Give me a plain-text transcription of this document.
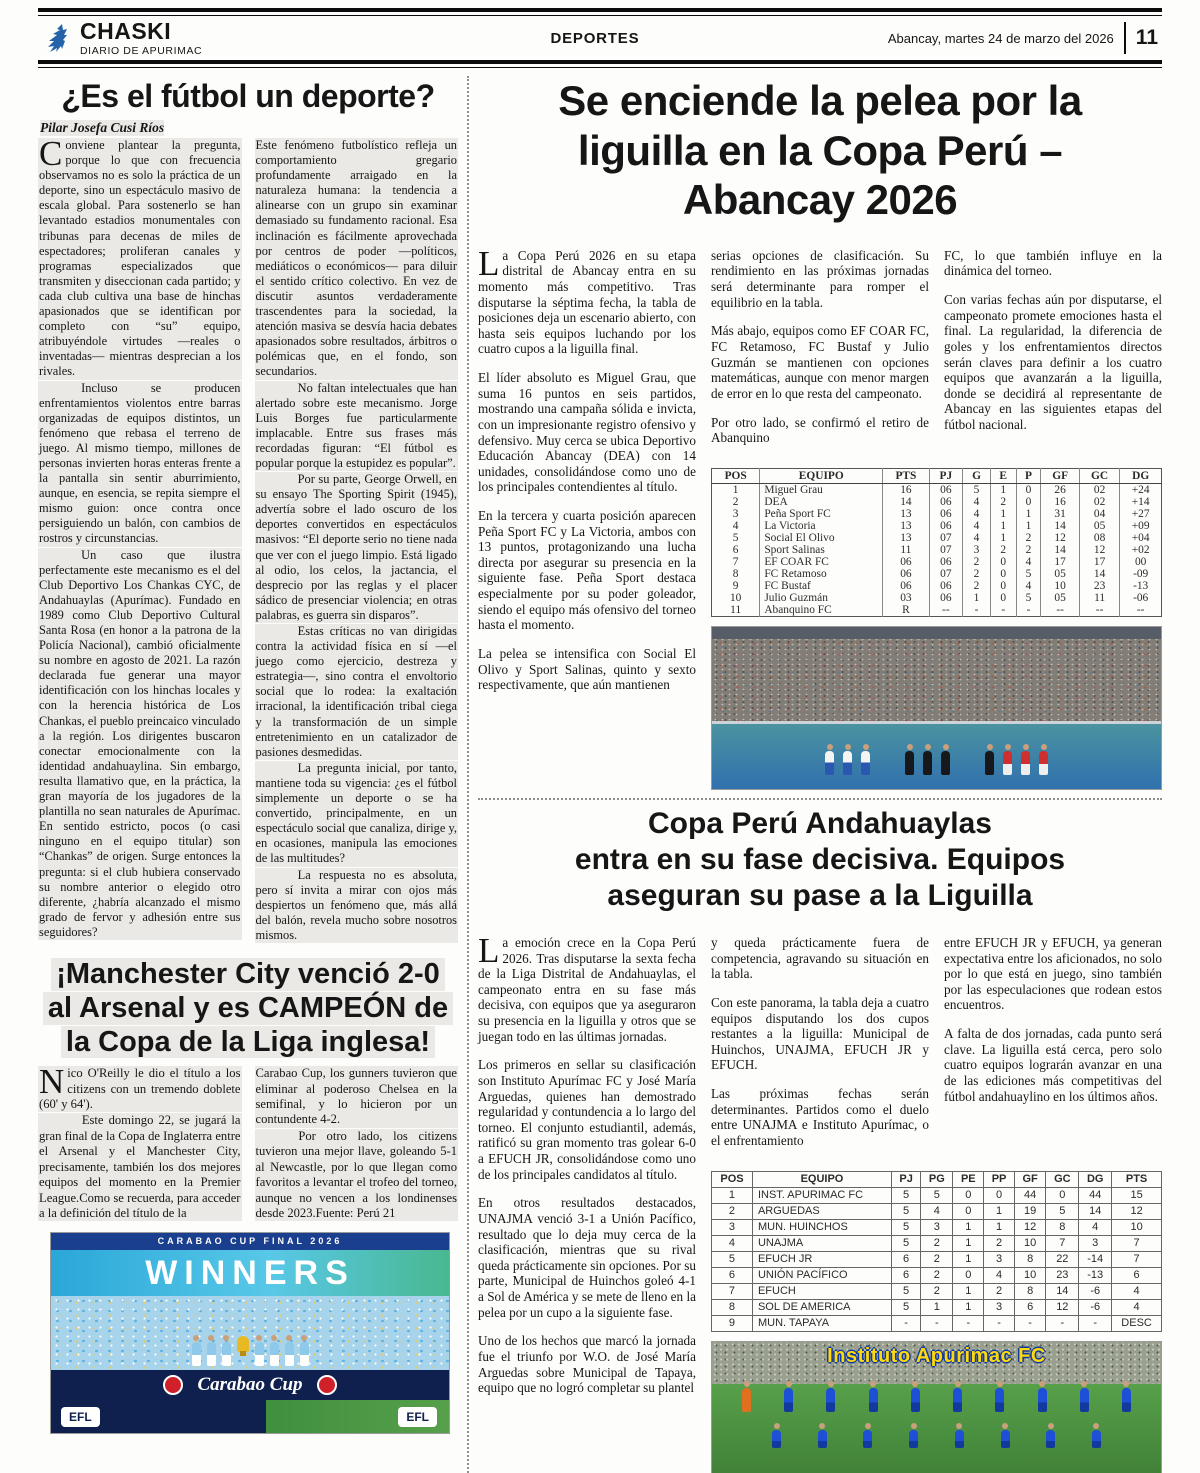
CHASKI
DIARIO DE APURIMAC
DEPORTES	Abancay, martes 24 de marzo del 2026 11
¿Es el fútbol un deporte?
Pilar Josefa Cusi Ríos

Conviene plantear la pregunta, porque lo que con frecuencia observamos no es solo la práctica de un deporte, sino un espectáculo masivo de escala global. Para sostenerlo se han levantado estadios monumentales con tribunas para decenas de miles de espectadores; proliferan canales y programas especializados que transmiten y diseccionan cada partido; y cada club cultiva una base de hinchas apasionados que se identifican por completo con “su” equipo, atribuyéndole virtudes —reales o inventadas— mientras desprecian a los rivales.

Incluso se producen enfrentamientos violentos entre barras organizadas de equipos distintos, un fenómeno que rebasa el terreno de juego. Al mismo tiempo, millones de personas invierten horas enteras frente a la pantalla sin sentir aburrimiento, aunque, en esencia, se repita siempre el mismo guion: once contra once persiguiendo un balón, con cambios de rostros y circunstancias.

Un caso que ilustra perfectamente este mecanismo es el del Club Deportivo Los Chankas CYC, de Andahuaylas (Apurímac). Fundado en 1989 como Club Deportivo Cultural Santa Rosa (en honor a la patrona de la Policía Nacional), cambió oficialmente su nombre en agosto de 2021. La razón declarada fue generar una mayor identificación con los hinchas locales y con la herencia histórica de Los Chankas, el pueblo preincaico vinculado a la región. Los dirigentes buscaron conectar emocionalmente con la identidad andahuaylina. Sin embargo, resulta llamativo que, en la práctica, la gran mayoría de los jugadores de la plantilla no sean naturales de Apurímac. En sentido estricto, pocos (o casi ninguno en el equipo titular) son “Chankas” de origen. Surge entonces la pregunta: si el club hubiera conservado su nombre anterior o elegido otro diferente, ¿habría alcanzado el mismo grado de fervor y adhesión entre sus seguidores?

Este fenómeno futbolístico refleja un comportamiento gregario profundamente arraigado en la naturaleza humana: la tendencia a alinearse con un grupo sin examinar demasiado su fundamento racional. Esa inclinación es fácilmente aprovechada por centros de poder —políticos, mediáticos o económicos— para diluir el sentido crítico colectivo. En vez de discutir asuntos verdaderamente trascendentes para la sociedad, la atención masiva se desvía hacia debates apasionados sobre resultados, árbitros o polémicas que, en el fondo, son secundarios.

No faltan intelectuales que han alertado sobre este mecanismo. Jorge Luis Borges fue particularmente implacable. Entre sus frases más recordadas figuran: “El fútbol es popular porque la estupidez es popular”.

Por su parte, George Orwell, en su ensayo The Sporting Spirit (1945), advertía sobre el lado oscuro de los deportes convertidos en espectáculos masivos: “El deporte serio no tiene nada que ver con el juego limpio. Está ligado al odio, los celos, la jactancia, el desprecio por las reglas y el placer sádico de presenciar violencia; en otras palabras, es guerra sin disparos”.

Estas críticas no van dirigidas contra la actividad física en sí —el juego como ejercicio, destreza y estrategia—, sino contra el envoltorio social que lo rodea: la exaltación irracional, la identificación tribal ciega y la transformación de un simple entretenimiento en un catalizador de pasiones desmedidas.

La pregunta inicial, por tanto, mantiene toda su vigencia: ¿es el fútbol simplemente un deporte o se ha convertido, principalmente, en un espectáculo social que canaliza, dirige y, en ocasiones, manipula las emociones de las multitudes?

La respuesta no es absoluta, pero sí invita a mirar con ojos más despiertos un fenómeno que, más allá del balón, revela mucho sobre nosotros mismos.

¡Manchester City venció 2-0

al Arsenal y es CAMPEÓN de

la Copa de la Liga inglesa!

Nico O'Reilly le dio el título a los citizens con un tremendo doblete (60' y 64').

Este domingo 22, se jugará la gran final de la Copa de Inglaterra entre el Arsenal y el Manchester City, precisamente, también los dos mejores equipos del momento en la Premier League.Como se recuerda, para acceder a la definición del título de la

Carabao Cup, los gunners tuvieron que eliminar al poderoso Chelsea en la semifinal, y lo hicieron por un contundente 4-2.

Por otro lado, los citizens tuvieron una mejor llave, goleando 5-1 al Newcastle, por lo que llegan como favoritos a levantar el trofeo del torneo, aunque no vencen a los londinenses desde 2023.Fuente: Perú 21

CARABAO CUP FINAL 2026
WINNERS
Carabao Cup
EFL	EFL

Se enciende la pelea por la

liguilla en la Copa Perú –

Abancay 2026

La Copa Perú 2026 en su etapa distrital de Abancay entra en su momento más competitivo. Tras disputarse la séptima fecha, la tabla de posiciones deja un escenario abierto, con hasta seis equipos luchando por los cuatro cupos a la liguilla final.

El líder absoluto es Miguel Grau, que suma 16 puntos en seis partidos, mostrando una campaña sólida e invicta, con un impresionante registro ofensivo y defensivo. Muy cerca se ubica Deportivo Educación Abancay (DEA) con 14 unidades, consolidándose como uno de los principales contendientes al título.

En la tercera y cuarta posición aparecen Peña Sport FC y La Victoria, ambos con 13 puntos, protagonizando una lucha directa por asegurar su presencia en la siguiente fase. Peña Sport destaca especialmente por su poder goleador, siendo el equipo más ofensivo del torneo hasta el momento.

La pelea se intensifica con Social El Olivo y Sport Salinas, quinto y sexto respectivamente, que aún mantienen

serias opciones de clasificación. Su rendimiento en las próximas jornadas será determinante para romper el equilibrio en la tabla.

Más abajo, equipos como EF COAR FC, FC Retamoso, FC Bustaf y Julio Guzmán se mantienen con opciones matemáticas, aunque con menor margen de error en lo que resta del campeonato.

Por otro lado, se confirmó el retiro de Abanquino

FC, lo que también influye en la dinámica del torneo.

Con varias fechas aún por disputarse, el campeonato promete emociones hasta el final. La regularidad, la diferencia de goles y los enfrentamientos directos serán claves para definir a los cuatro equipos que avanzarán a la liguilla, donde se decidirá al representante de Abancay en las siguientes etapas del fútbol nacional.

POS	EQUIPO	PTS	PJ	G	E	P	GF	GC	DG
1	Miguel Grau	16	06	5	1	0	26	02	+24
2	DEA	14	06	4	2	0	16	02	+14
3	Peña Sport FC	13	06	4	1	1	31	04	+27
4	La Victoria	13	06	4	1	1	14	05	+09
5	Social El Olivo	13	07	4	1	2	12	08	+04
6	Sport Salinas	11	07	3	2	2	14	12	+02
7	EF COAR FC	06	06	2	0	4	17	17	00
8	FC Retamoso	06	07	2	0	5	05	14	-09
9	FC Bustaf	06	06	2	0	4	10	23	-13
10	Julio Guzmán	03	06	1	0	5	05	11	-06
11	Abanquino FC	R	--	-	-	-	--	--	--

Copa Perú Andahuaylas

entra en su fase decisiva. Equipos

aseguran su pase a la Liguilla

La emoción crece en la Copa Perú 2026. Tras disputarse la sexta fecha de la Liga Distrital de Andahuaylas, el campeonato entra en su fase más decisiva, con equipos que ya aseguraron su presencia en la liguilla y otros que se juegan todo en las últimas jornadas.

Los primeros en sellar su clasificación son Instituto Apurímac FC y José María Arguedas, quienes han demostrado regularidad y contundencia a lo largo del torneo. El conjunto estudiantil, además, ratificó su gran momento tras golear 6-0 a EFUCH JR, consolidándose como uno de los principales candidatos al título.

En otros resultados destacados, UNAJMA venció 3-1 a Unión Pacífico, resultado que lo deja muy cerca de la clasificación, mientras que su rival queda prácticamente sin opciones. Por su parte, Municipal de Huinchos goleó 4-1 a Sol de América y se mete de lleno en la pelea por un cupo a la siguiente fase.

Uno de los hechos que marcó la jornada fue el triunfo por W.O. de José María Arguedas sobre Municipal de Tapaya, equipo que no logró completar su plantel

y queda prácticamente fuera de competencia, agravando su situación en la tabla.

Con este panorama, la tabla deja a cuatro equipos disputando los dos cupos restantes a la liguilla: Municipal de Huinchos, UNAJMA, EFUCH JR y EFUCH.

Las próximas fechas serán determinantes. Partidos como el duelo entre UNAJMA e Instituto Apurímac, o el enfrentamiento

entre EFUCH JR y EFUCH, ya generan expectativa entre los aficionados, no solo por lo que está en juego, sino también por las especulaciones que rodean estos encuentros.

A falta de dos jornadas, cada punto será clave. La liguilla está cerca, pero solo cuatro equipos lograrán avanzar en una de las ediciones más competitivas del fútbol andahuaylino en los últimos años.

POS	EQUIPO	PJ	PG	PE	PP	GF	GC	DG	PTS
1	INST. APURIMAC FC	5	5	0	0	44	0	44	15
2	ARGUEDAS	5	4	0	1	19	5	14	12
3	MUN. HUINCHOS	5	3	1	1	12	8	4	10
4	UNAJMA	5	2	1	2	10	7	3	7
5	EFUCH JR	6	2	1	3	8	22	-14	7
6	UNIÓN PACÍFICO	6	2	0	4	10	23	-13	6
7	EFUCH	5	2	1	2	8	14	-6	4
8	SOL DE AMERICA	5	1	1	3	6	12	-6	4
9	MUN. TAPAYA	-	-	-	-	-	-	-	DESC
Instituto Apurimac FC
